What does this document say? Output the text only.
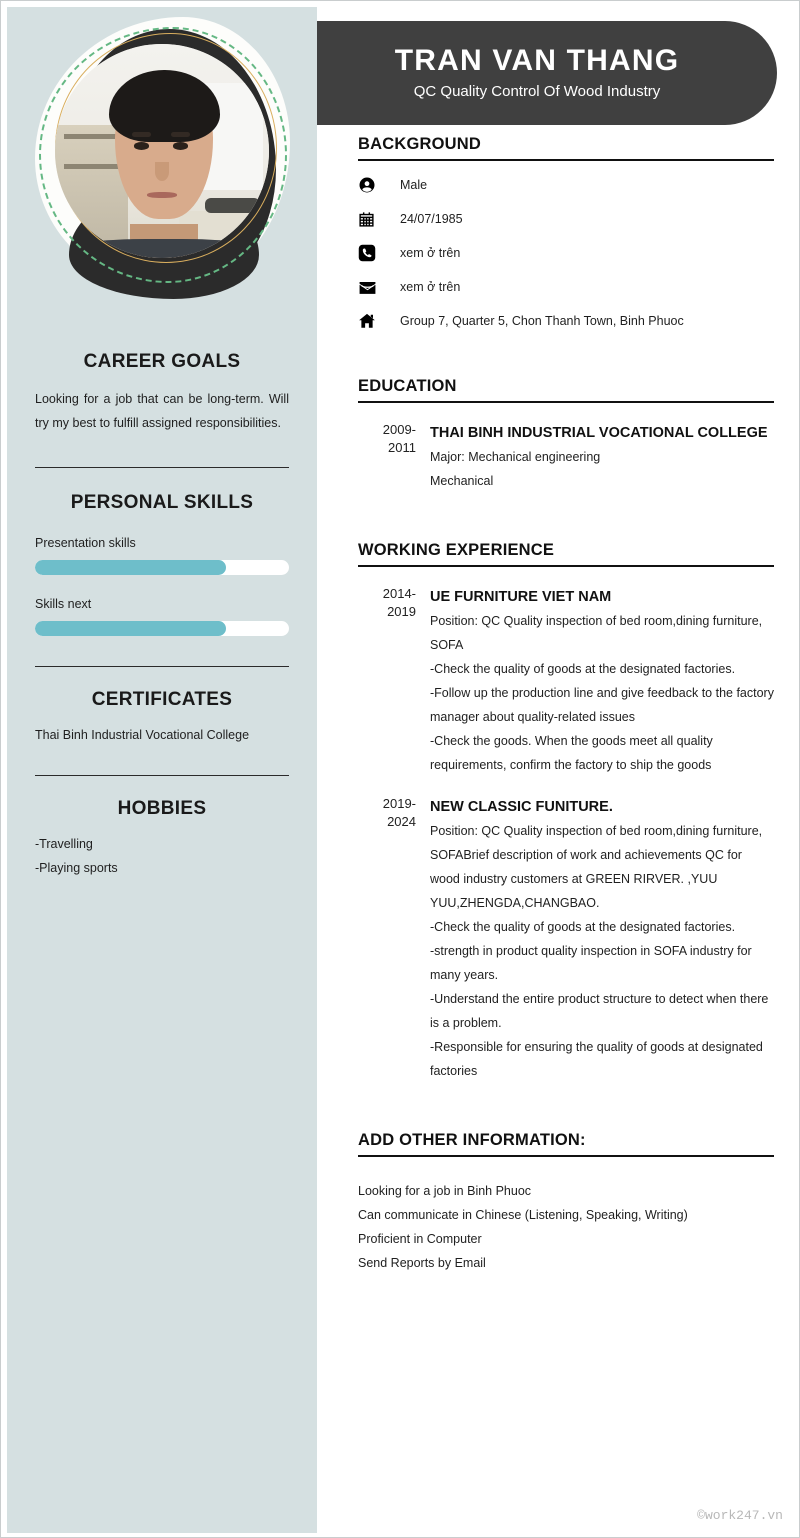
CAREER GOALS
Looking for a job that can be long-term. Will try my best to fulfill assigned responsibilities.
PERSONAL SKILLS
Presentation skills
Skills next
CERTIFICATES
Thai Binh Industrial Vocational College
HOBBIES
-Travelling
-Playing sports
TRAN VAN THANG
QC Quality Control Of Wood Industry
BACKGROUND
Male
24/07/1985
xem ở trên
xem ở trên
Group 7, Quarter 5, Chon Thanh Town, Binh Phuoc
EDUCATION
2009-
2011
THAI BINH INDUSTRIAL VOCATIONAL COLLEGE
Major: Mechanical engineering
Mechanical
WORKING EXPERIENCE
2014-
2019
UE FURNITURE VIET NAM
Position: QC Quality inspection of bed room,dining furniture, SOFA
-Check the quality of goods at the designated factories.
-Follow up the production line and give feedback to the factory manager about quality-related issues
-Check the goods. When the goods meet all quality requirements, confirm the factory to ship the goods
2019-
2024
NEW CLASSIC FUNITURE.
Position: QC Quality inspection of bed room,dining furniture, SOFABrief description of work and achievements QC for wood industry customers at GREEN RIRVER. ,YUU YUU,ZHENGDA,CHANGBAO.
-Check the quality of goods at the designated factories.
-strength in product quality inspection in SOFA industry for many years.
-Understand the entire product structure to detect when there is a problem.
-Responsible for ensuring the quality of goods at designated factories
ADD OTHER INFORMATION:
Looking for a job in Binh Phuoc
Can communicate in Chinese (Listening, Speaking, Writing)
Proficient in Computer
Send Reports by Email
©work247.vn
